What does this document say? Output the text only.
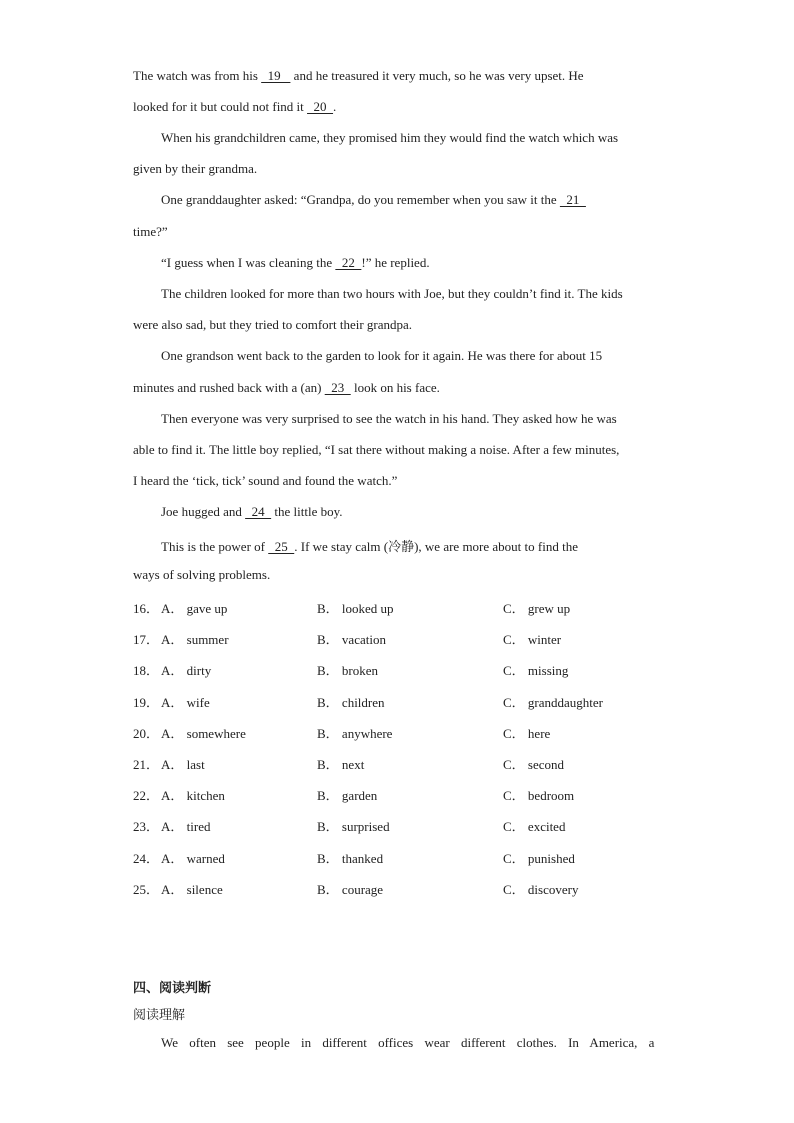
The watch was from his   19    and he treasured it very much, so he was very upset. He
looked for it but could not find it   20  .
When his grandchildren came, they promised him they would find the watch which was
given by their grandma.
One granddaughter asked: “Grandpa, do you remember when you saw it the   21
time?”
“I guess when I was cleaning the   22  !” he replied.
The children looked for more than two hours with Joe, but they couldn’t find it. The kids
were also sad, but they tried to comfort their grandpa.
One grandson went back to the garden to look for it again. He was there for about 15
minutes and rushed back with a (an)   23   look on his face.
Then everyone was very surprised to see the watch in his hand. They asked how he was
able to find it. The little boy replied, “I sat there without making a noise. After a few minutes,
I heard the ‘tick, tick’ sound and found the watch.”
Joe hugged and   24   the little boy.
This is the power of   25  . If we stay calm (冷静), we are more about to find the
ways of solving problems.
16． A． gave up	B． looked up	C． grew up
17． A． summer	B． vacation	C． winter
18． A． dirty	B． broken	C． missing
19． A． wife	B． children	C． granddaughter
20． A． somewhere	B． anywhere	C． here
21． A． last	B． next	C． second
22． A． kitchen	B． garden	C． bedroom
23． A． tired	B． surprised	C． excited
24． A． warned	B． thanked	C． punished
25． A． silence	B． courage	C． discovery
四、阅读判断
阅读理解
We often see people in different offices wear different clothes. In America, a
